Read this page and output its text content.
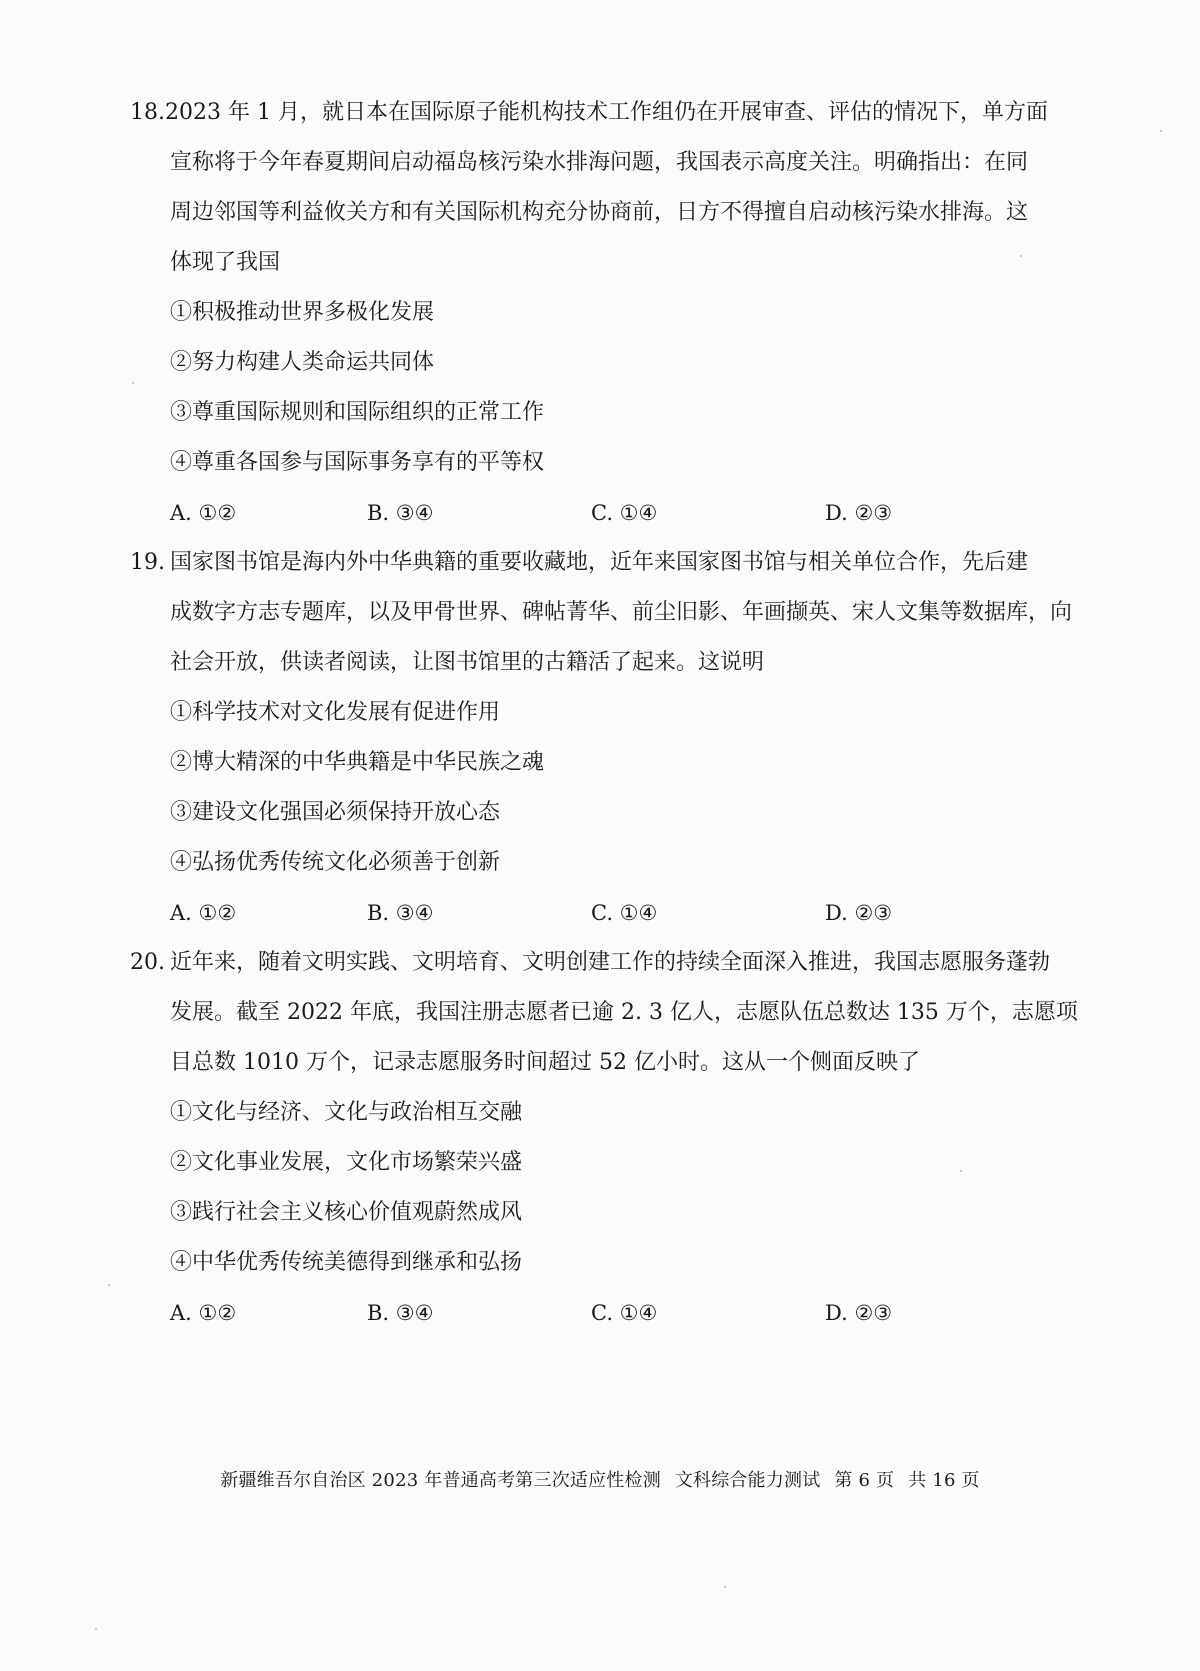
18. 2023 年 1 月，就日本在国际原子能机构技术工作组仍在开展审查、评估的情况下，单方面
宣称将于今年春夏期间启动福岛核污染水排海问题，我国表示高度关注。明确指出：在同
周边邻国等利益攸关方和有关国际机构充分协商前，日方不得擅自启动核污染水排海。这
体现了我国
①积极推动世界多极化发展
②努力构建人类命运共同体
③尊重国际规则和国际组织的正常工作
④尊重各国参与国际事务享有的平等权
A. ①②	B. ③④	C. ①④	D. ②③
19. 国家图书馆是海内外中华典籍的重要收藏地，近年来国家图书馆与相关单位合作，先后建
成数字方志专题库，以及甲骨世界、碑帖菁华、前尘旧影、年画撷英、宋人文集等数据库，向
社会开放，供读者阅读，让图书馆里的古籍活了起来。这说明
①科学技术对文化发展有促进作用
②博大精深的中华典籍是中华民族之魂
③建设文化强国必须保持开放心态
④弘扬优秀传统文化必须善于创新
A. ①②	B. ③④	C. ①④	D. ②③
20. 近年来，随着文明实践、文明培育、文明创建工作的持续全面深入推进，我国志愿服务蓬勃
发展。截至 2022 年底，我国注册志愿者已逾 2. 3 亿人，志愿队伍总数达 135 万个，志愿项
目总数 1010 万个，记录志愿服务时间超过 52 亿小时。这从一个侧面反映了
①文化与经济、文化与政治相互交融
②文化事业发展，文化市场繁荣兴盛
③践行社会主义核心价值观蔚然成风
④中华优秀传统美德得到继承和弘扬
A. ①②	B. ③④	C. ①④	D. ②③
新疆维吾尔自治区 2023 年普通高考第三次适应性检测 文科综合能力测试 第 6 页 共 16 页
